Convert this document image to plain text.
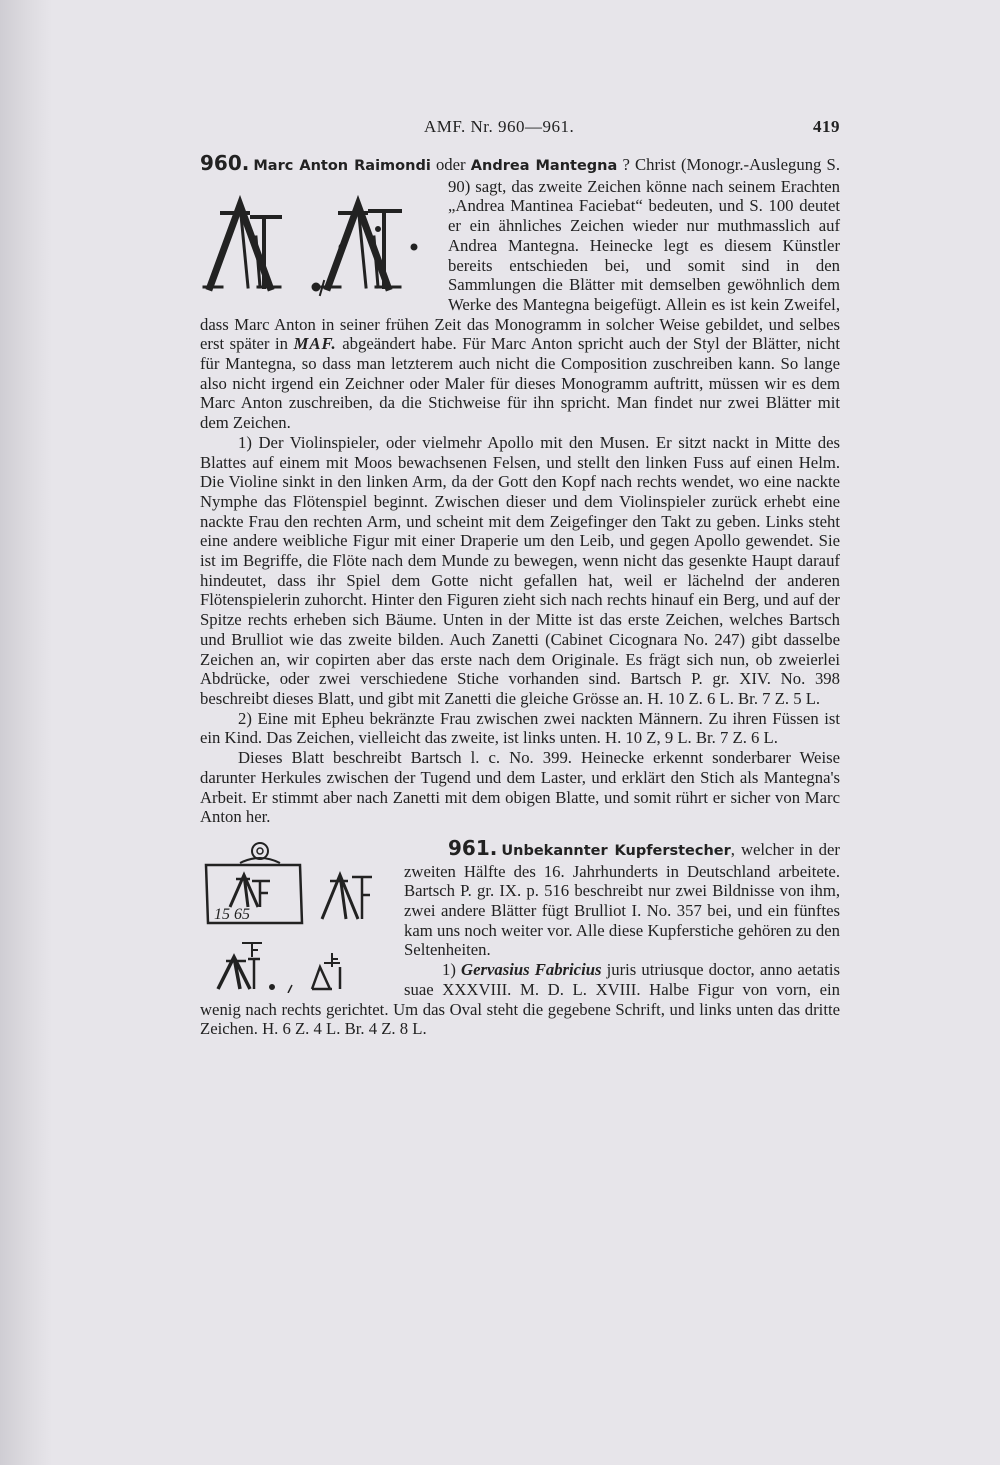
AMF. Nr. 960—961.	419

960. Marc Anton Raimondi oder Andrea Mantegna ?
Christ (Monogr.-Auslegung S. 90) sagt, das zweite Zeichen könne nach seinem Erachten „Andrea Mantinea Faciebat“ bedeuten, und S. 100 deutet er ein ähnliches Zeichen wieder nur muthmasslich auf Andrea Mantegna. Heinecke legt es diesem Künstler bereits entschieden bei, und somit sind in den Sammlungen die Blätter mit demselben gewöhnlich dem Werke des Mantegna beigefügt. Allein es ist kein Zweifel, dass Marc Anton in seiner frühen Zeit das Monogramm in solcher Weise gebildet, und selbes erst später in MAF. abgeändert habe. Für Marc Anton spricht auch der Styl der Blätter, nicht für Mantegna, so dass man letzterem auch nicht die Composition zuschreiben kann. So lange also nicht irgend ein Zeichner oder Maler für dieses Monogramm auftritt, müssen wir es dem Marc Anton zuschreiben, da die Stichweise für ihn spricht. Man findet nur zwei Blätter mit dem Zeichen.

1) Der Violinspieler, oder vielmehr Apollo mit den Musen. Er sitzt nackt in Mitte des Blattes auf einem mit Moos bewachsenen Felsen, und stellt den linken Fuss auf einen Helm. Die Violine sinkt in den linken Arm, da der Gott den Kopf nach rechts wendet, wo eine nackte Nymphe das Flötenspiel beginnt. Zwischen dieser und dem Violinspieler zurück erhebt eine nackte Frau den rechten Arm, und scheint mit dem Zeigefinger den Takt zu geben. Links steht eine andere weibliche Figur mit einer Draperie um den Leib, und gegen Apollo gewendet. Sie ist im Begriffe, die Flöte nach dem Munde zu bewegen, wenn nicht das gesenkte Haupt darauf hindeutet, dass ihr Spiel dem Gotte nicht gefallen hat, weil er lächelnd der anderen Flötenspielerin zuhorcht. Hinter den Figuren zieht sich nach rechts hinauf ein Berg, und auf der Spitze rechts erheben sich Bäume. Unten in der Mitte ist das erste Zeichen, welches Bartsch und Brulliot wie das zweite bilden. Auch Zanetti (Cabinet Cicognara No. 247) gibt dasselbe Zeichen an, wir copirten aber das erste nach dem Originale. Es frägt sich nun, ob zweierlei Abdrücke, oder zwei verschiedene Stiche vorhanden sind. Bartsch P. gr. XIV. No. 398 beschreibt dieses Blatt, und gibt mit Zanetti die gleiche Grösse an. H. 10 Z. 6 L. Br. 7 Z. 5 L.

2) Eine mit Epheu bekränzte Frau zwischen zwei nackten Männern. Zu ihren Füssen ist ein Kind. Das Zeichen, vielleicht das zweite, ist links unten. H. 10 Z, 9 L. Br. 7 Z. 6 L.

Dieses Blatt beschreibt Bartsch l. c. No. 399. Heinecke erkennt sonderbarer Weise darunter Herkules zwischen der Tugend und dem Laster, und erklärt den Stich als Mantegna's Arbeit. Er stimmt aber nach Zanetti mit dem obigen Blatte, und somit rührt er sicher von Marc Anton her.

961. Unbekannter Kupferstecher
15 65
, welcher in der zweiten Hälfte des 16. Jahrhunderts in Deutschland arbeitete. Bartsch P. gr. IX. p. 516 beschreibt nur zwei Bildnisse von ihm, zwei andere Blätter fügt Brulliot I. No. 357 bei, und ein fünftes kam uns noch weiter vor. Alle diese Kupferstiche gehören zu den Seltenheiten.

1) Gervasius Fabricius juris utriusque doctor, anno aetatis suae XXXVIII. M. D. L. XVIII. Halbe Figur von vorn, ein wenig nach rechts gerichtet. Um das Oval steht die gegebene Schrift, und links unten das dritte Zeichen. H. 6 Z. 4 L. Br. 4 Z. 8 L.
